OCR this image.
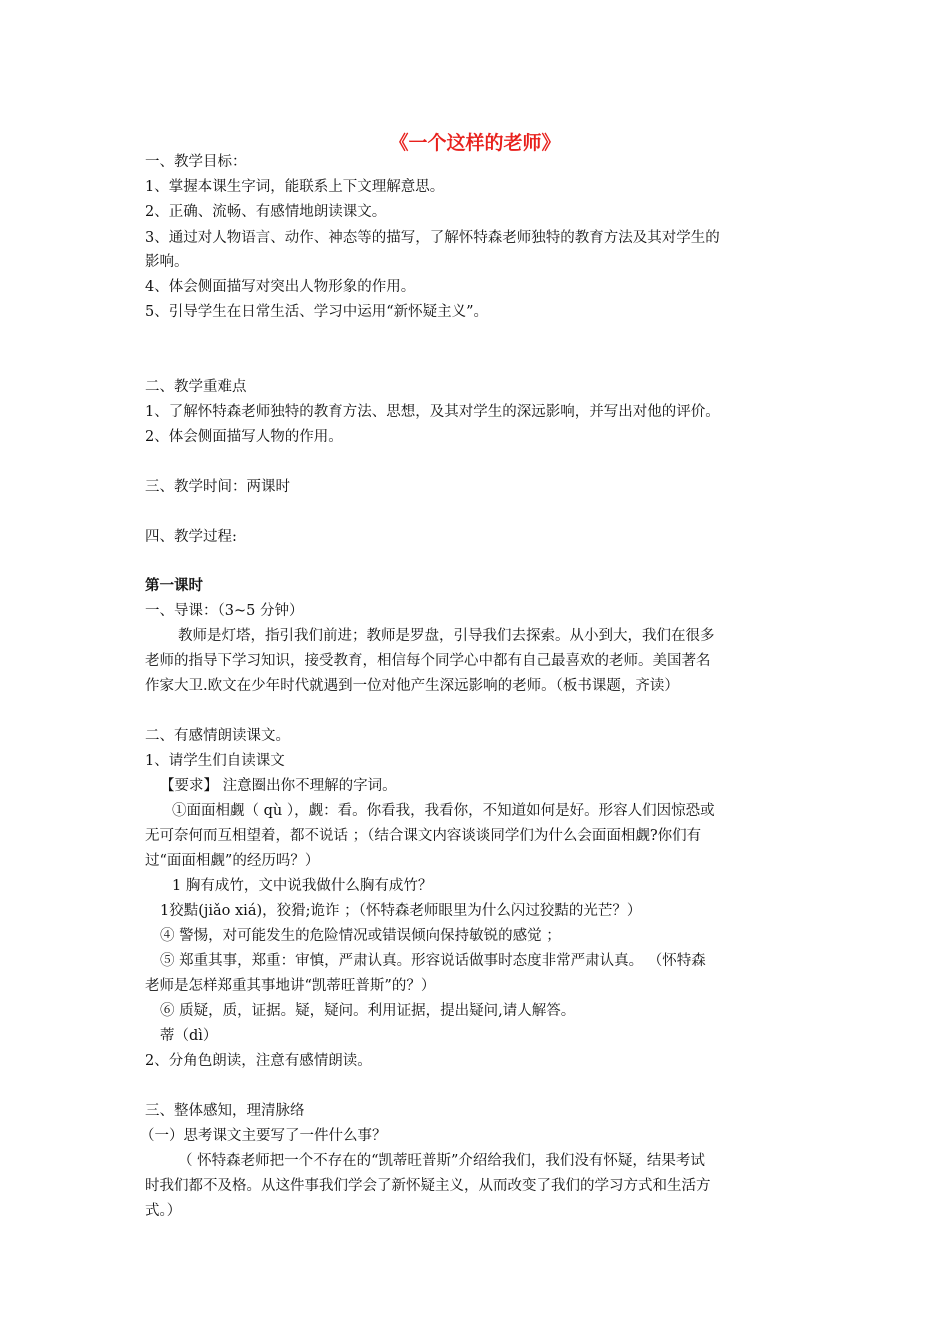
《一个这样的老师》
一、教学目标：
1、掌握本课生字词，能联系上下文理解意思。
2、正确、流畅、有感情地朗读课文。
3、通过对人物语言、动作、神态等的描写，了解怀特森老师独特的教育方法及其对学生的
影响。
4、体会侧面描写对突出人物形象的作用。
5、引导学生在日常生活、学习中运用“新怀疑主义”。
二、教学重难点
1、了解怀特森老师独特的教育方法、思想，及其对学生的深远影响，并写出对他的评价。
2、体会侧面描写人物的作用。
三、教学时间：两课时
四、教学过程:
第一课时
一、导课：（3~5 分钟）
教师是灯塔，指引我们前进；教师是罗盘，引导我们去探索。从小到大，我们在很多
老师的指导下学习知识，接受教育，相信每个同学心中都有自己最喜欢的老师。美国著名
作家大卫.欧文在少年时代就遇到一位对他产生深远影响的老师。（板书课题，齐读）
二、有感情朗读课文。
1、请学生们自读课文
【要求】 注意圈出你不理解的字词。
①面面相觑（ qù ），觑：看。你看我，我看你，不知道如何是好。形容人们因惊恐或
无可奈何而互相望着，都不说话 ；（结合课文内容谈谈同学们为什么会面面相觑?你们有
过“面面相觑”的经历吗？）
1 胸有成竹，文中说我做什么胸有成竹？
1狡黠(jiǎo xiá)，狡猾;诡诈 ；（怀特森老师眼里为什么闪过狡黠的光芒？）
④ 警惕，对可能发生的危险情况或错误倾向保持敏锐的感觉 ；
⑤ 郑重其事，郑重：审慎，严肃认真。形容说话做事时态度非常严肃认真。 （怀特森
老师是怎样郑重其事地讲“凯蒂旺普斯”的？）
⑥ 质疑，质，证据。疑，疑问。利用证据，提出疑问,请人解答。
蒂（dì）
2、分角色朗读，注意有感情朗读。
三、整体感知，理清脉络
（一）思考课文主要写了一件什么事？
（ 怀特森老师把一个不存在的“凯蒂旺普斯”介绍给我们，我们没有怀疑，结果考试
时我们都不及格。从这件事我们学会了新怀疑主义，从而改变了我们的学习方式和生活方
式。）
